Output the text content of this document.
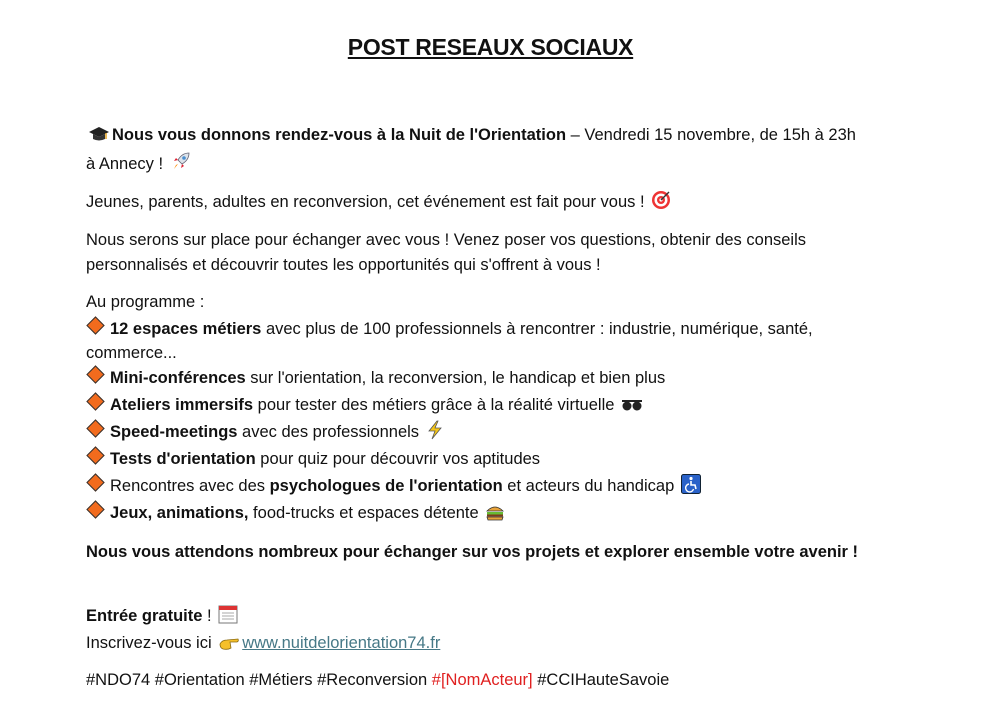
POST RESEAUX SOCIAUX

Nous vous donnons rendez-vous à la Nuit de l'Orientation – Vendredi 15 novembre, de 15h à 23h

à Annecy !

Jeunes, parents, adultes en reconversion, cet événement est fait pour vous !

Nous serons sur place pour échanger avec vous ! Venez poser vos questions, obtenir des conseils personnalisés et découvrir toutes les opportunités qui s'offrent à vous !

Au programme :

12 espaces métiers avec plus de 100 professionnels à rencontrer : industrie, numérique, santé, commerce...

Mini-conférences sur l'orientation, la reconversion, le handicap et bien plus

Ateliers immersifs pour tester des métiers grâce à la réalité virtuelle

Speed-meetings avec des professionnels

Tests d'orientation pour quiz pour découvrir vos aptitudes

Rencontres avec des psychologues de l'orientation et acteurs du handicap

Jeux, animations, food-trucks et espaces détente

Nous vous attendons nombreux pour échanger sur vos projets et explorer ensemble votre avenir !

Entrée gratuite !

Inscrivez-vous ici www.nuitdelorientation74.fr

#NDO74 #Orientation #Métiers #Reconversion #[NomActeur] #CCIHauteSavoie
